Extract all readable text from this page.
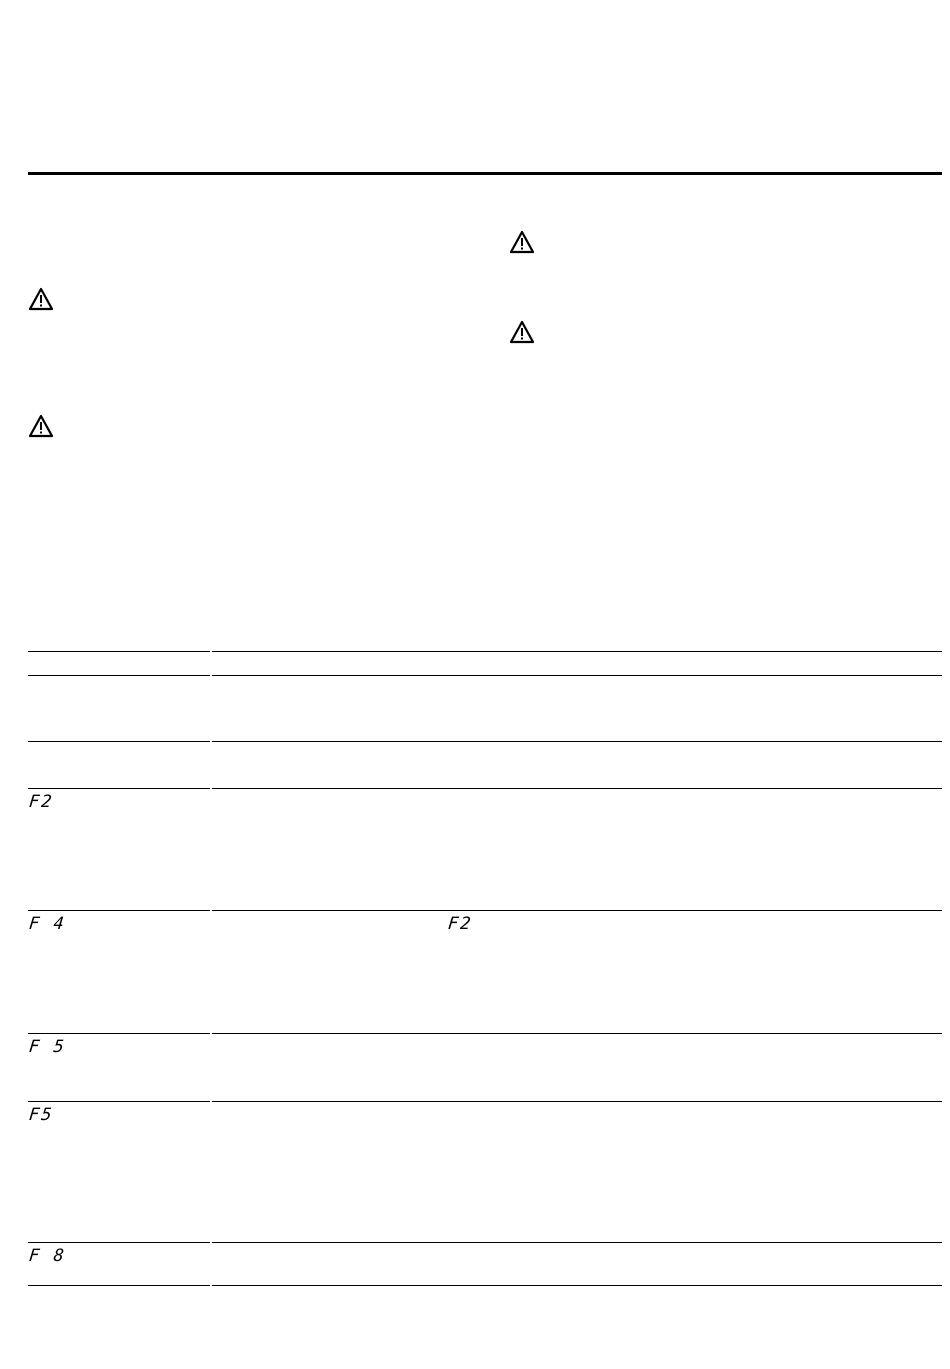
F2
F 4	F2
F 5
F5
F 8
